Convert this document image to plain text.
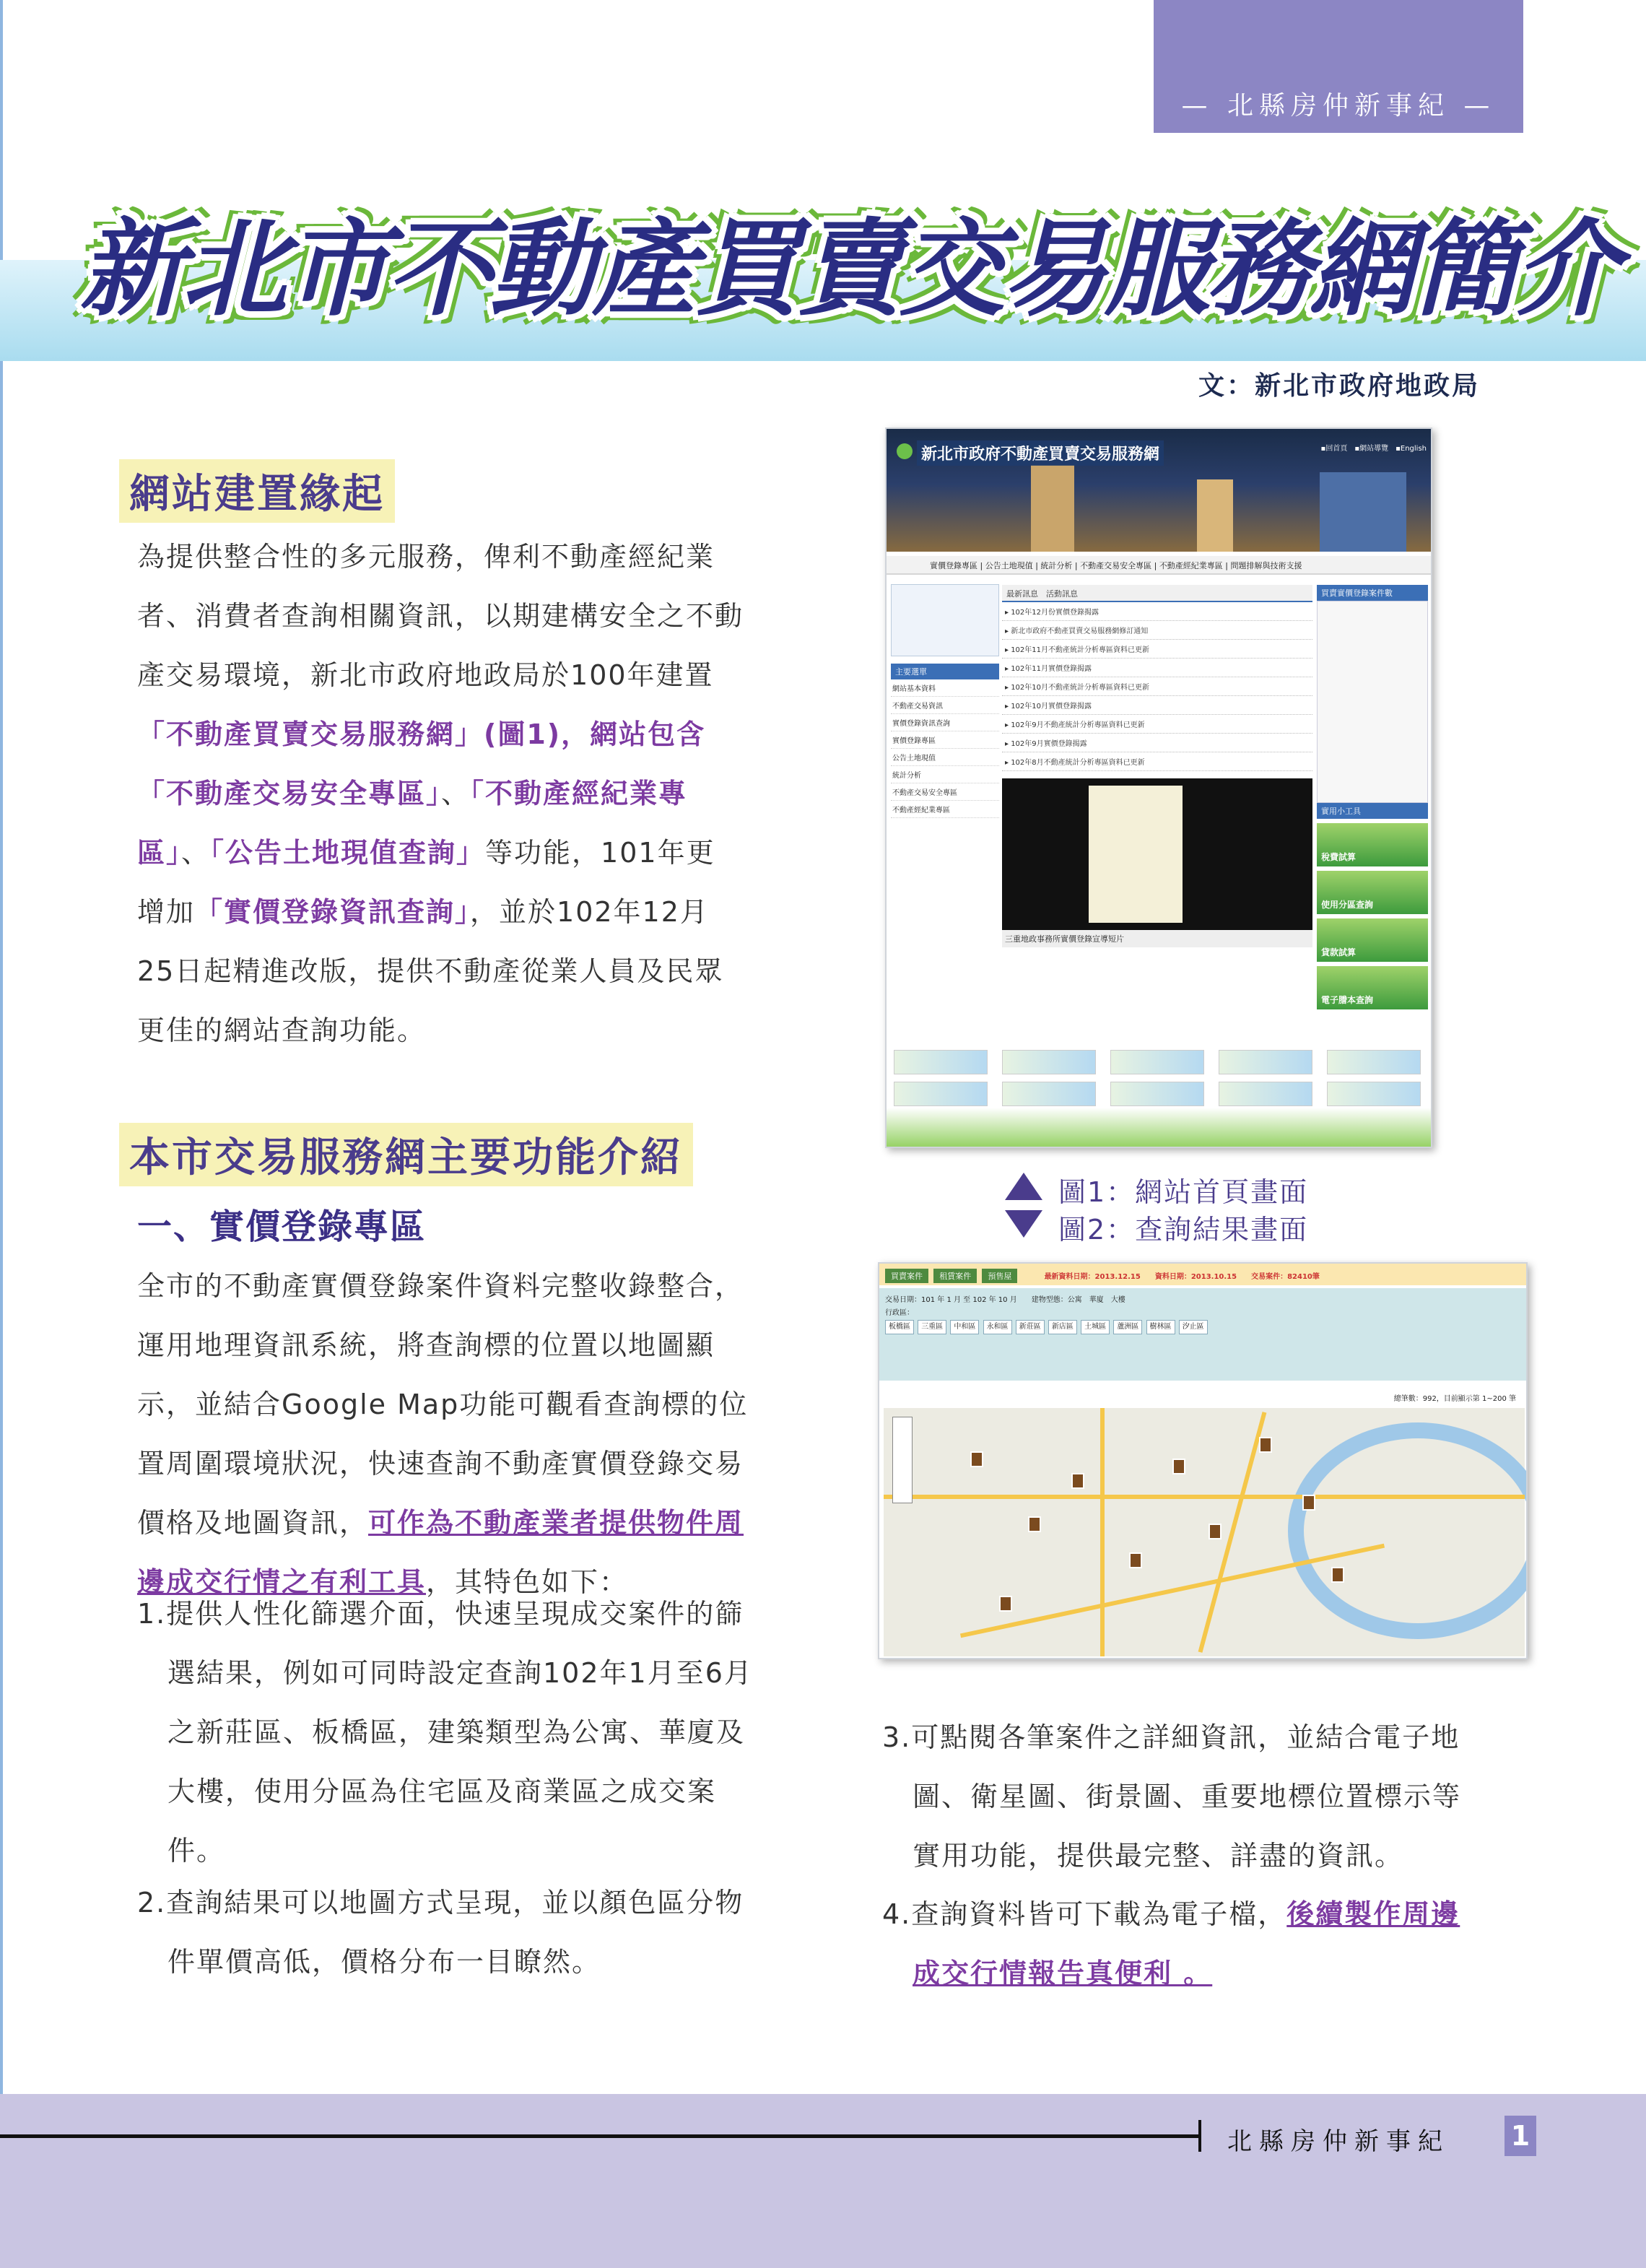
— 北縣房仲新事紀 —
新北市不動產買賣交易服務網簡介
文：新北市政府地政局
網站建置緣起
為提供整合性的多元服務，俾利不動產經紀業
者、消費者查詢相關資訊，以期建構安全之不動
產交易環境，新北市政府地政局於100年建置
「不動產買賣交易服務網」(圖1)，網站包含
「不動產交易安全專區」、「不動產經紀業專
區」、「公告土地現值查詢」等功能，101年更
增加「實價登錄資訊查詢」，並於102年12月
25日起精進改版，提供不動產從業人員及民眾
更佳的網站查詢功能。
新北市政府不動產買賣交易服務網	▪回首頁　▪網站導覽　▪English
實價登錄專區 | 公告土地現值 | 統計分析 | 不動產交易安全專區 | 不動產經紀業專區 | 問題排解與技術支援
主要選單
網站基本資料
不動產交易資訊
實價登錄資訊查詢
實價登錄專區
公告土地現值
統計分析
不動產交易安全專區
不動產經紀業專區
最新訊息　活動訊息
▸ 102年12月份實價登錄揭露
▸ 新北市政府不動產買賣交易服務網修訂通知
▸ 102年11月不動產統計分析專區資料已更新
▸ 102年11月實價登錄揭露
▸ 102年10月不動產統計分析專區資料已更新
▸ 102年10月實價登錄揭露
▸ 102年9月不動產統計分析專區資料已更新
▸ 102年9月實價登錄揭露
▸ 102年8月不動產統計分析專區資料已更新
三重地政事務所實價登錄宣導短片
買賣實價登錄案件數
實用小工具
稅費試算
使用分區查詢
貸款試算
電子謄本查詢
圖1：網站首頁畫面
圖2：查詢結果畫面
本市交易服務網主要功能介紹
一、實價登錄專區
全市的不動產實價登錄案件資料完整收錄整合，
運用地理資訊系統，將查詢標的位置以地圖顯
示，並結合Google Map功能可觀看查詢標的位
置周圍環境狀況，快速查詢不動產實價登錄交易
價格及地圖資訊，可作為不動產業者提供物件周
邊成交行情之有利工具，其特色如下：
1.提供人性化篩選介面，快速呈現成交案件的篩
選結果，例如可同時設定查詢102年1月至6月
之新莊區、板橋區，建築類型為公寓、華廈及
大樓，使用分區為住宅區及商業區之成交案
件。
2.查詢結果可以地圖方式呈現，並以顏色區分物
件單價高低，價格分布一目瞭然。
買賣案件 租賃案件 預售屋	最新資料日期：2013.12.15　　資料日期：2013.10.15　　交易案件：82410筆
交易日期：101 年 1 月 至 102 年 10 月　　建物型態：公寓　華廈　大樓
行政區：
板橋區 三重區 中和區 永和區 新莊區 新店區 土城區 蘆洲區 樹林區 汐止區
總筆數：992，目前顯示第 1~200 筆
3.可點閱各筆案件之詳細資訊，並結合電子地
圖、衛星圖、街景圖、重要地標位置標示等
實用功能，提供最完整、詳盡的資訊。
4.查詢資料皆可下載為電子檔，後續製作周邊
成交行情報告真便利 。
北縣房仲新事紀 1
